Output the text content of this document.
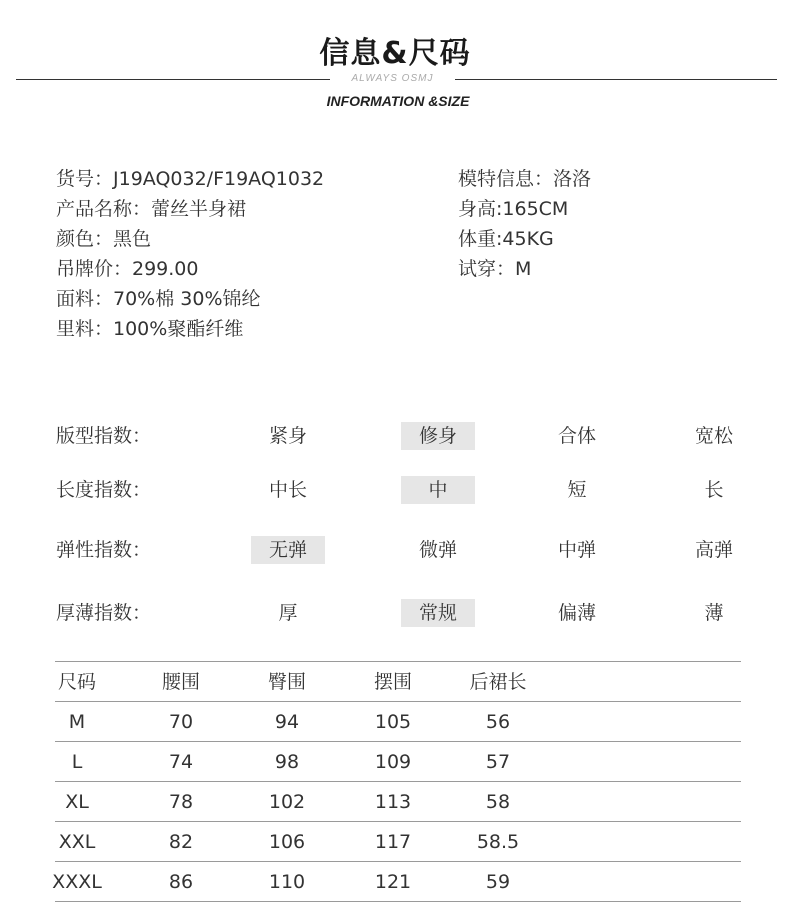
信息&尺码
ALWAYS OSMJ
INFORMATION &SIZE
货号：J19AQ032/F19AQ1032
产品名称：蕾丝半身裙
颜色：黑色
吊牌价：299.00
面料：70%棉 30%锦纶
里料：100%聚酯纤维
模特信息：洛洛
身高:165CM
体重:45KG
试穿：M
版型指数：	紧身	修身	合体	宽松
长度指数：	中长	中	短	长
弹性指数：	无弹	微弹	中弹	高弹
厚薄指数：	厚	常规	偏薄	薄
尺码	腰围	臀围	摆围	后裙长
M	70	94	105	56
L	74	98	109	57
XL	78	102	113	58
XXL	82	106	117	58.5
XXXL	86	110	121	59
